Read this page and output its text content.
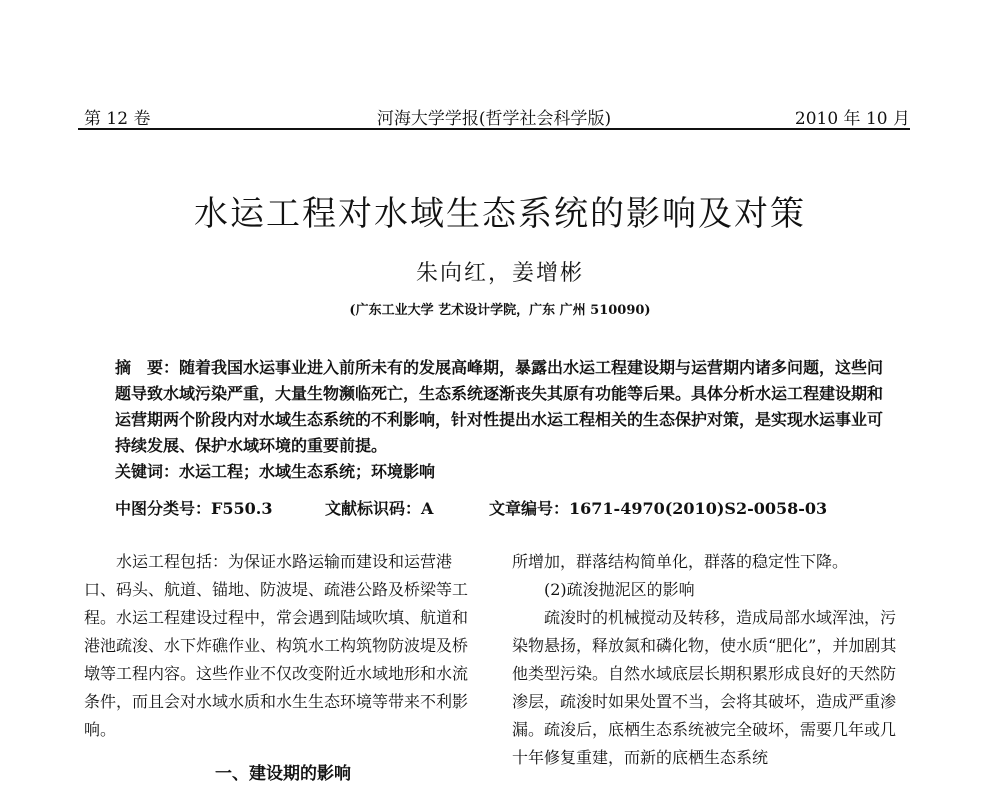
第 12 卷	河海大学学报(哲学社会科学版)	2010 年 10 月
水运工程对水域生态系统的影响及对策
朱向红，姜增彬
(广东工业大学 艺术设计学院，广东 广州 510090)
摘　要：随着我国水运事业进入前所未有的发展高峰期，暴露出水运工程建设期与运营期内诸多问题，这些问题导致水域污染严重，大量生物濒临死亡，生态系统逐渐丧失其原有功能等后果。具体分析水运工程建设期和运营期两个阶段内对水域生态系统的不利影响，针对性提出水运工程相关的生态保护对策，是实现水运事业可持续发展、保护水域环境的重要前提。
关键词：水运工程；水域生态系统；环境影响
中图分类号：F550.3	文献标识码：A	文章编号：1671-4970(2010)S2-0058-03

水运工程包括：为保证水路运输而建设和运营港口、码头、航道、锚地、防波堤、疏港公路及桥梁等工程。水运工程建设过程中，常会遇到陆域吹填、航道和港池疏浚、水下炸礁作业、构筑水工构筑物防波堤及桥墩等工程内容。这些作业不仅改变附近水域地形和水流条件，而且会对水域水质和水生生态环境等带来不利影响。

一、建设期的影响

所增加，群落结构简单化，群落的稳定性下降。

(2)疏浚抛泥区的影响

疏浚时的机械搅动及转移，造成局部水域浑浊，污染物悬扬，释放氮和磷化物，使水质“肥化”，并加剧其他类型污染。自然水域底层长期积累形成良好的天然防渗层，疏浚时如果处置不当，会将其破坏，造成严重渗漏。疏浚后，底栖生态系统被完全破坏，需要几年或几十年修复重建，而新的底栖生态系统
